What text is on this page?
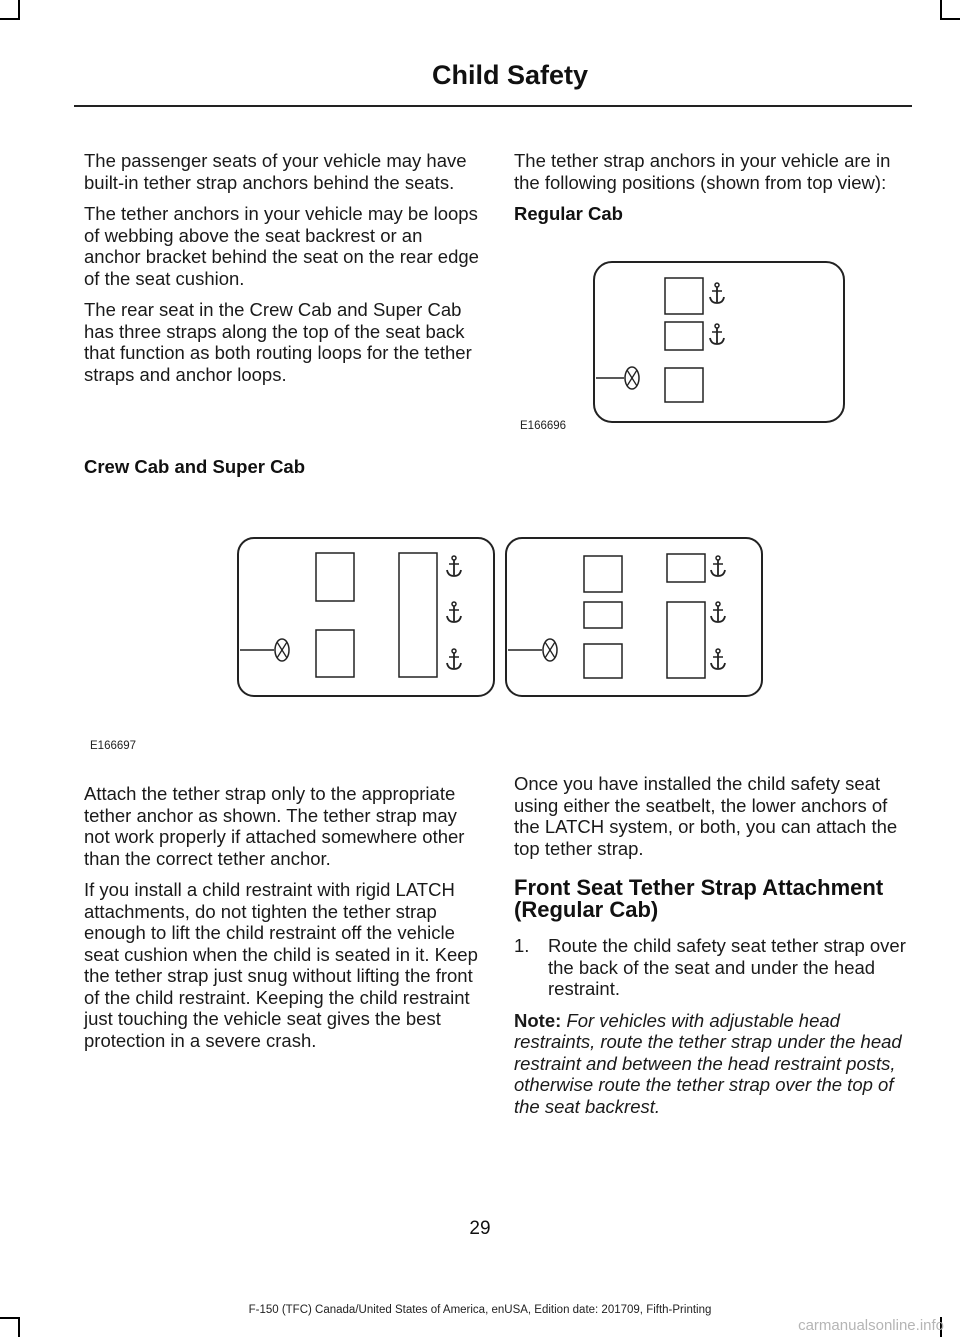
Child Safety

The passenger seats of your vehicle may have built-in tether strap anchors behind the seats.

The tether anchors in your vehicle may be loops of webbing above the seat backrest or an anchor bracket behind the seat on the rear edge of the seat cushion.

The rear seat in the Crew Cab and Super Cab has three straps along the top of the seat back that function as both routing loops for the tether straps and anchor loops.

The tether strap anchors in your vehicle are in the following positions (shown from top view):

Regular Cab
E166696
Crew Cab and Super Cab
E166697

Attach the tether strap only to the appropriate tether anchor as shown. The tether strap may not work properly if attached somewhere other than the correct tether anchor.

If you install a child restraint with rigid LATCH attachments, do not tighten the tether strap enough to lift the child restraint off the vehicle seat cushion when the child is seated in it. Keep the tether strap just snug without lifting the front of the child restraint. Keeping the child restraint just touching the vehicle seat gives the best protection in a severe crash.

Once you have installed the child safety seat using either the seatbelt, the lower anchors of the LATCH system, or both, you can attach the top tether strap.

Front Seat Tether Strap Attachment (Regular Cab)
1. Route the child safety seat tether strap over the back of the seat and under the head restraint.
Note: For vehicles with adjustable head restraints, route the tether strap under the head restraint and between the head restraint posts, otherwise route the tether strap over the top of the seat backrest.
29
F-150 (TFC) Canada/United States of America, enUSA, Edition date: 201709, Fifth-Printing
carmanualsonline.info
